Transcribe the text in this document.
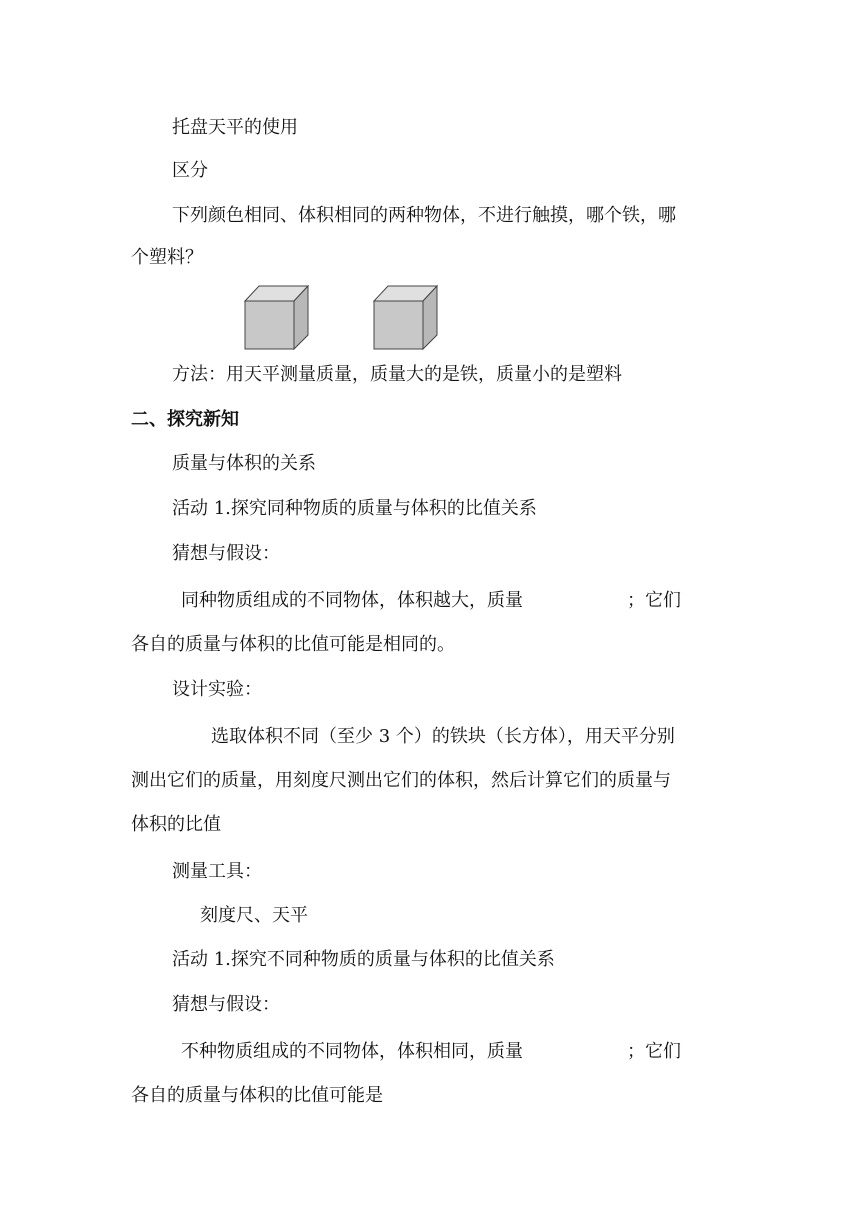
托盘天平的使用
区分
下列颜色相同、体积相同的两种物体，不进行触摸，哪个铁，哪
个塑料？
方法：用天平测量质量，质量大的是铁，质量小的是塑料
二、探究新知
质量与体积的关系
活动 1.探究同种物质的质量与体积的比值关系
猜想与假设：
同种物质组成的不同物体，体积越大，质量	；它们
各自的质量与体积的比值可能是相同的。
设计实验：
选取体积不同（至少 3 个）的铁块（长方体），用天平分别
测出它们的质量，用刻度尺测出它们的体积，然后计算它们的质量与
体积的比值
测量工具：
刻度尺、天平
活动 1.探究不同种物质的质量与体积的比值关系
猜想与假设：
不种物质组成的不同物体，体积相同，质量	；它们
各自的质量与体积的比值可能是
